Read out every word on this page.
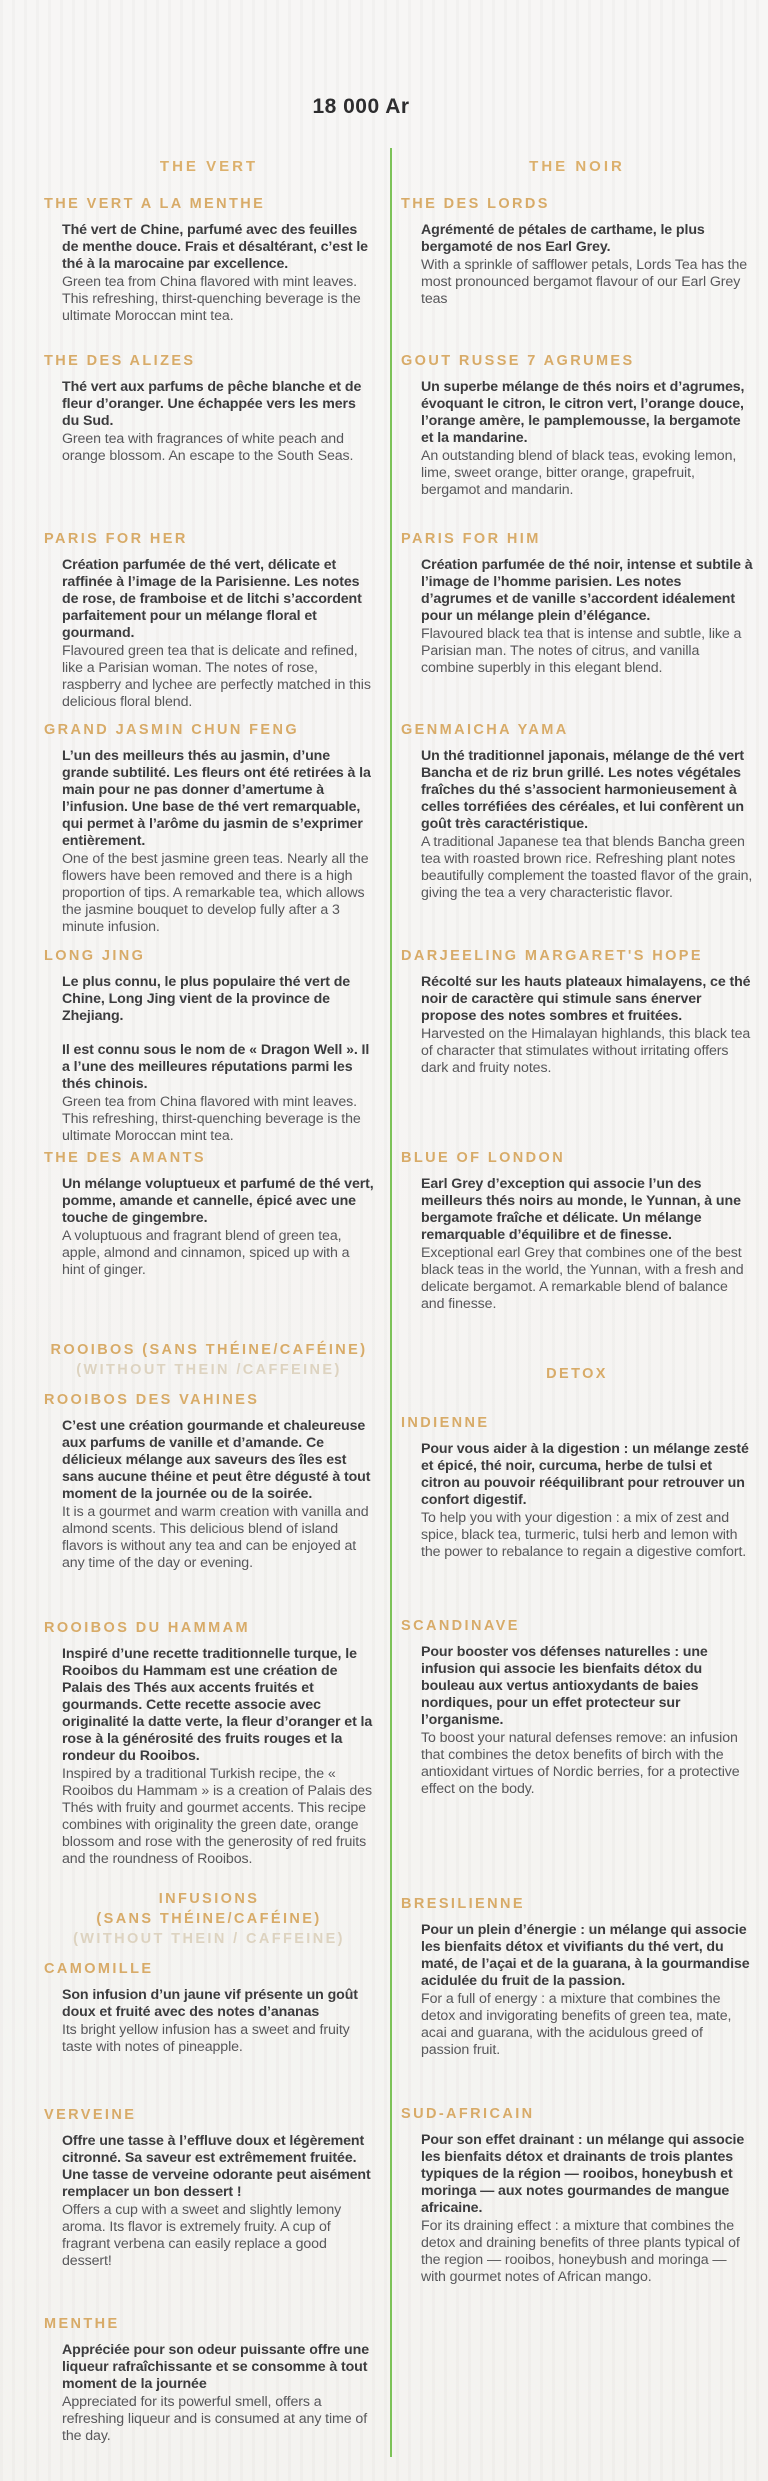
18 000 Ar
THE VERT
THE VERT A LA MENTHE

Thé vert de Chine, parfumé avec des feuilles de menthe douce. Frais et désaltérant, c’est le thé à la marocaine par excellence.

Green tea from China flavored with mint leaves. This refreshing, thirst-quenching beverage is the ultimate Moroccan mint tea.

THE DES ALIZES

Thé vert aux parfums de pêche blanche et de fleur d’oranger. Une échappée vers les mers du Sud.

Green tea with fragrances of white peach and orange blossom. An escape to the South Seas.

PARIS FOR HER

Création parfumée de thé vert, délicate et raffinée à l’image de la Parisienne. Les notes de rose, de framboise et de litchi s’accordent parfaitement pour un mélange floral et gourmand.

Flavoured green tea that is delicate and refined, like a Parisian woman. The notes of rose, raspberry and lychee are perfectly matched in this delicious floral blend.

GRAND JASMIN CHUN FENG

L’un des meilleurs thés au jasmin, d’une grande subtilité. Les fleurs ont été retirées à la main pour ne pas donner d’amertume à l’infusion. Une base de thé vert remarquable, qui permet à l’arôme du jasmin de s’exprimer entièrement.

One of the best jasmine green teas. Nearly all the flowers have been removed and there is a high proportion of tips. A remarkable tea, which allows the jasmine bouquet to develop fully after a 3 minute infusion.

LONG JING

Le plus connu, le plus populaire thé vert de Chine, Long Jing vient de la province de Zhejiang.

Il est connu sous le nom de « Dragon Well ». Il a l’une des meilleures réputations parmi les thés chinois.

Green tea from China flavored with mint leaves. This refreshing, thirst-quenching beverage is the ultimate Moroccan mint tea.

THE DES AMANTS

Un mélange voluptueux et parfumé de thé vert, pomme, amande et cannelle, épicé avec une touche de gingembre.

A voluptuous and fragrant blend of green tea, apple, almond and cinnamon, spiced up with a hint of ginger.

ROOIBOS (SANS THÉINE/CAFÉINE)
(WITHOUT THEIN /CAFFEINE)
ROOIBOS DES VAHINES

C’est une création gourmande et chaleureuse aux parfums de vanille et d’amande. Ce délicieux mélange aux saveurs des îles est sans aucune théine et peut être dégusté à tout moment de la journée ou de la soirée.

It is a gourmet and warm creation with vanilla and almond scents. This delicious blend of island flavors is without any tea and can be enjoyed at any time of the day or evening.

ROOIBOS DU HAMMAM

Inspiré d’une recette traditionnelle turque, le Rooibos du Hammam est une création de Palais des Thés aux accents fruités et gourmands. Cette recette associe avec originalité la datte verte, la fleur d’oranger et la rose à la générosité des fruits rouges et la rondeur du Rooibos.

Inspired by a traditional Turkish recipe, the « Rooibos du Hammam » is a creation of Palais des Thés with fruity and gourmet accents. This recipe combines with originality the green date, orange blossom and rose with the generosity of red fruits and the roundness of Rooibos.

INFUSIONS
(SANS THÉINE/CAFÉINE)
(WITHOUT THEIN / CAFFEINE)
CAMOMILLE

Son infusion d’un jaune vif présente un goût doux et fruité avec des notes d’ananas

Its bright yellow infusion has a sweet and fruity taste with notes of pineapple.

VERVEINE

Offre une tasse à l’effluve doux et légèrement citronné. Sa saveur est extrêmement fruitée. Une tasse de verveine odorante peut aisément remplacer un bon dessert !

Offers a cup with a sweet and slightly lemony aroma. Its flavor is extremely fruity. A cup of fragrant verbena can easily replace a good dessert!

MENTHE

Appréciée pour son odeur puissante offre une liqueur rafraîchissante et se consomme à tout moment de la journée

Appreciated for its powerful smell, offers a refreshing liqueur and is consumed at any time of the day.

THE NOIR
THE DES LORDS

Agrémenté de pétales de carthame, le plus bergamoté de nos Earl Grey.

With a sprinkle of safflower petals, Lords Tea has the most pronounced bergamot flavour of our Earl Grey teas

GOUT RUSSE 7 AGRUMES

Un superbe mélange de thés noirs et d’agrumes, évoquant le citron, le citron vert, l’orange douce, l’orange amère, le pamplemousse, la bergamote et la mandarine.

An outstanding blend of black teas, evoking lemon, lime, sweet orange, bitter orange, grapefruit, bergamot and mandarin.

PARIS FOR HIM

Création parfumée de thé noir, intense et subtile à l’image de l’homme parisien. Les notes d’agrumes et de vanille s’accordent idéalement pour un mélange plein d’élégance.

Flavoured black tea that is intense and subtle, like a Parisian man. The notes of citrus, and vanilla combine superbly in this elegant blend.

GENMAICHA YAMA

Un thé traditionnel japonais, mélange de thé vert Bancha et de riz brun grillé. Les notes végétales fraîches du thé s’associent harmonieusement à celles torréfiées des céréales, et lui confèrent un goût très caractéristique.

A traditional Japanese tea that blends Bancha green tea with roasted brown rice. Refreshing plant notes beautifully complement the toasted flavor of the grain, giving the tea a very characteristic flavor.

DARJEELING MARGARET'S HOPE

Récolté sur les hauts plateaux himalayens, ce thé noir de caractère qui stimule sans énerver propose des notes sombres et fruitées.

Harvested on the Himalayan highlands, this black tea of character that stimulates without irritating offers dark and fruity notes.

BLUE OF LONDON

Earl Grey d’exception qui associe l’un des meilleurs thés noirs au monde, le Yunnan, à une bergamote fraîche et délicate. Un mélange remarquable d’équilibre et de finesse.

Exceptional earl Grey that combines one of the best black teas in the world, the Yunnan, with a fresh and delicate bergamot. A remarkable blend of balance and finesse.

DETOX
INDIENNE

Pour vous aider à la digestion : un mélange zesté et épicé, thé noir, curcuma, herbe de tulsi et citron au pouvoir rééquilibrant pour retrouver un confort digestif.

To help you with your digestion : a mix of zest and spice, black tea, turmeric, tulsi herb and lemon with the power to rebalance to regain a digestive comfort.

SCANDINAVE

Pour booster vos défenses naturelles : une infusion qui associe les bienfaits détox du bouleau aux vertus antioxydants de baies nordiques, pour un effet protecteur sur l’organisme.

To boost your natural defenses remove: an infusion that combines the detox benefits of birch with the antioxidant virtues of Nordic berries, for a protective effect on the body.

BRESILIENNE

Pour un plein d’énergie : un mélange qui associe les bienfaits détox et vivifiants du thé vert, du maté, de l’açai et de la guarana, à la gourmandise acidulée du fruit de la passion.

For a full of energy : a mixture that combines the detox and invigorating benefits of green tea, mate, acai and guarana, with the acidulous greed of passion fruit.

SUD-AFRICAIN

Pour son effet drainant : un mélange qui associe les bienfaits détox et drainants de trois plantes typiques de la région — rooibos, honeybush et moringa — aux notes gourmandes de mangue africaine.

For its draining effect : a mixture that combines the detox and draining benefits of three plants typical of the region — rooibos, honeybush and moringa — with gourmet notes of African mango.
